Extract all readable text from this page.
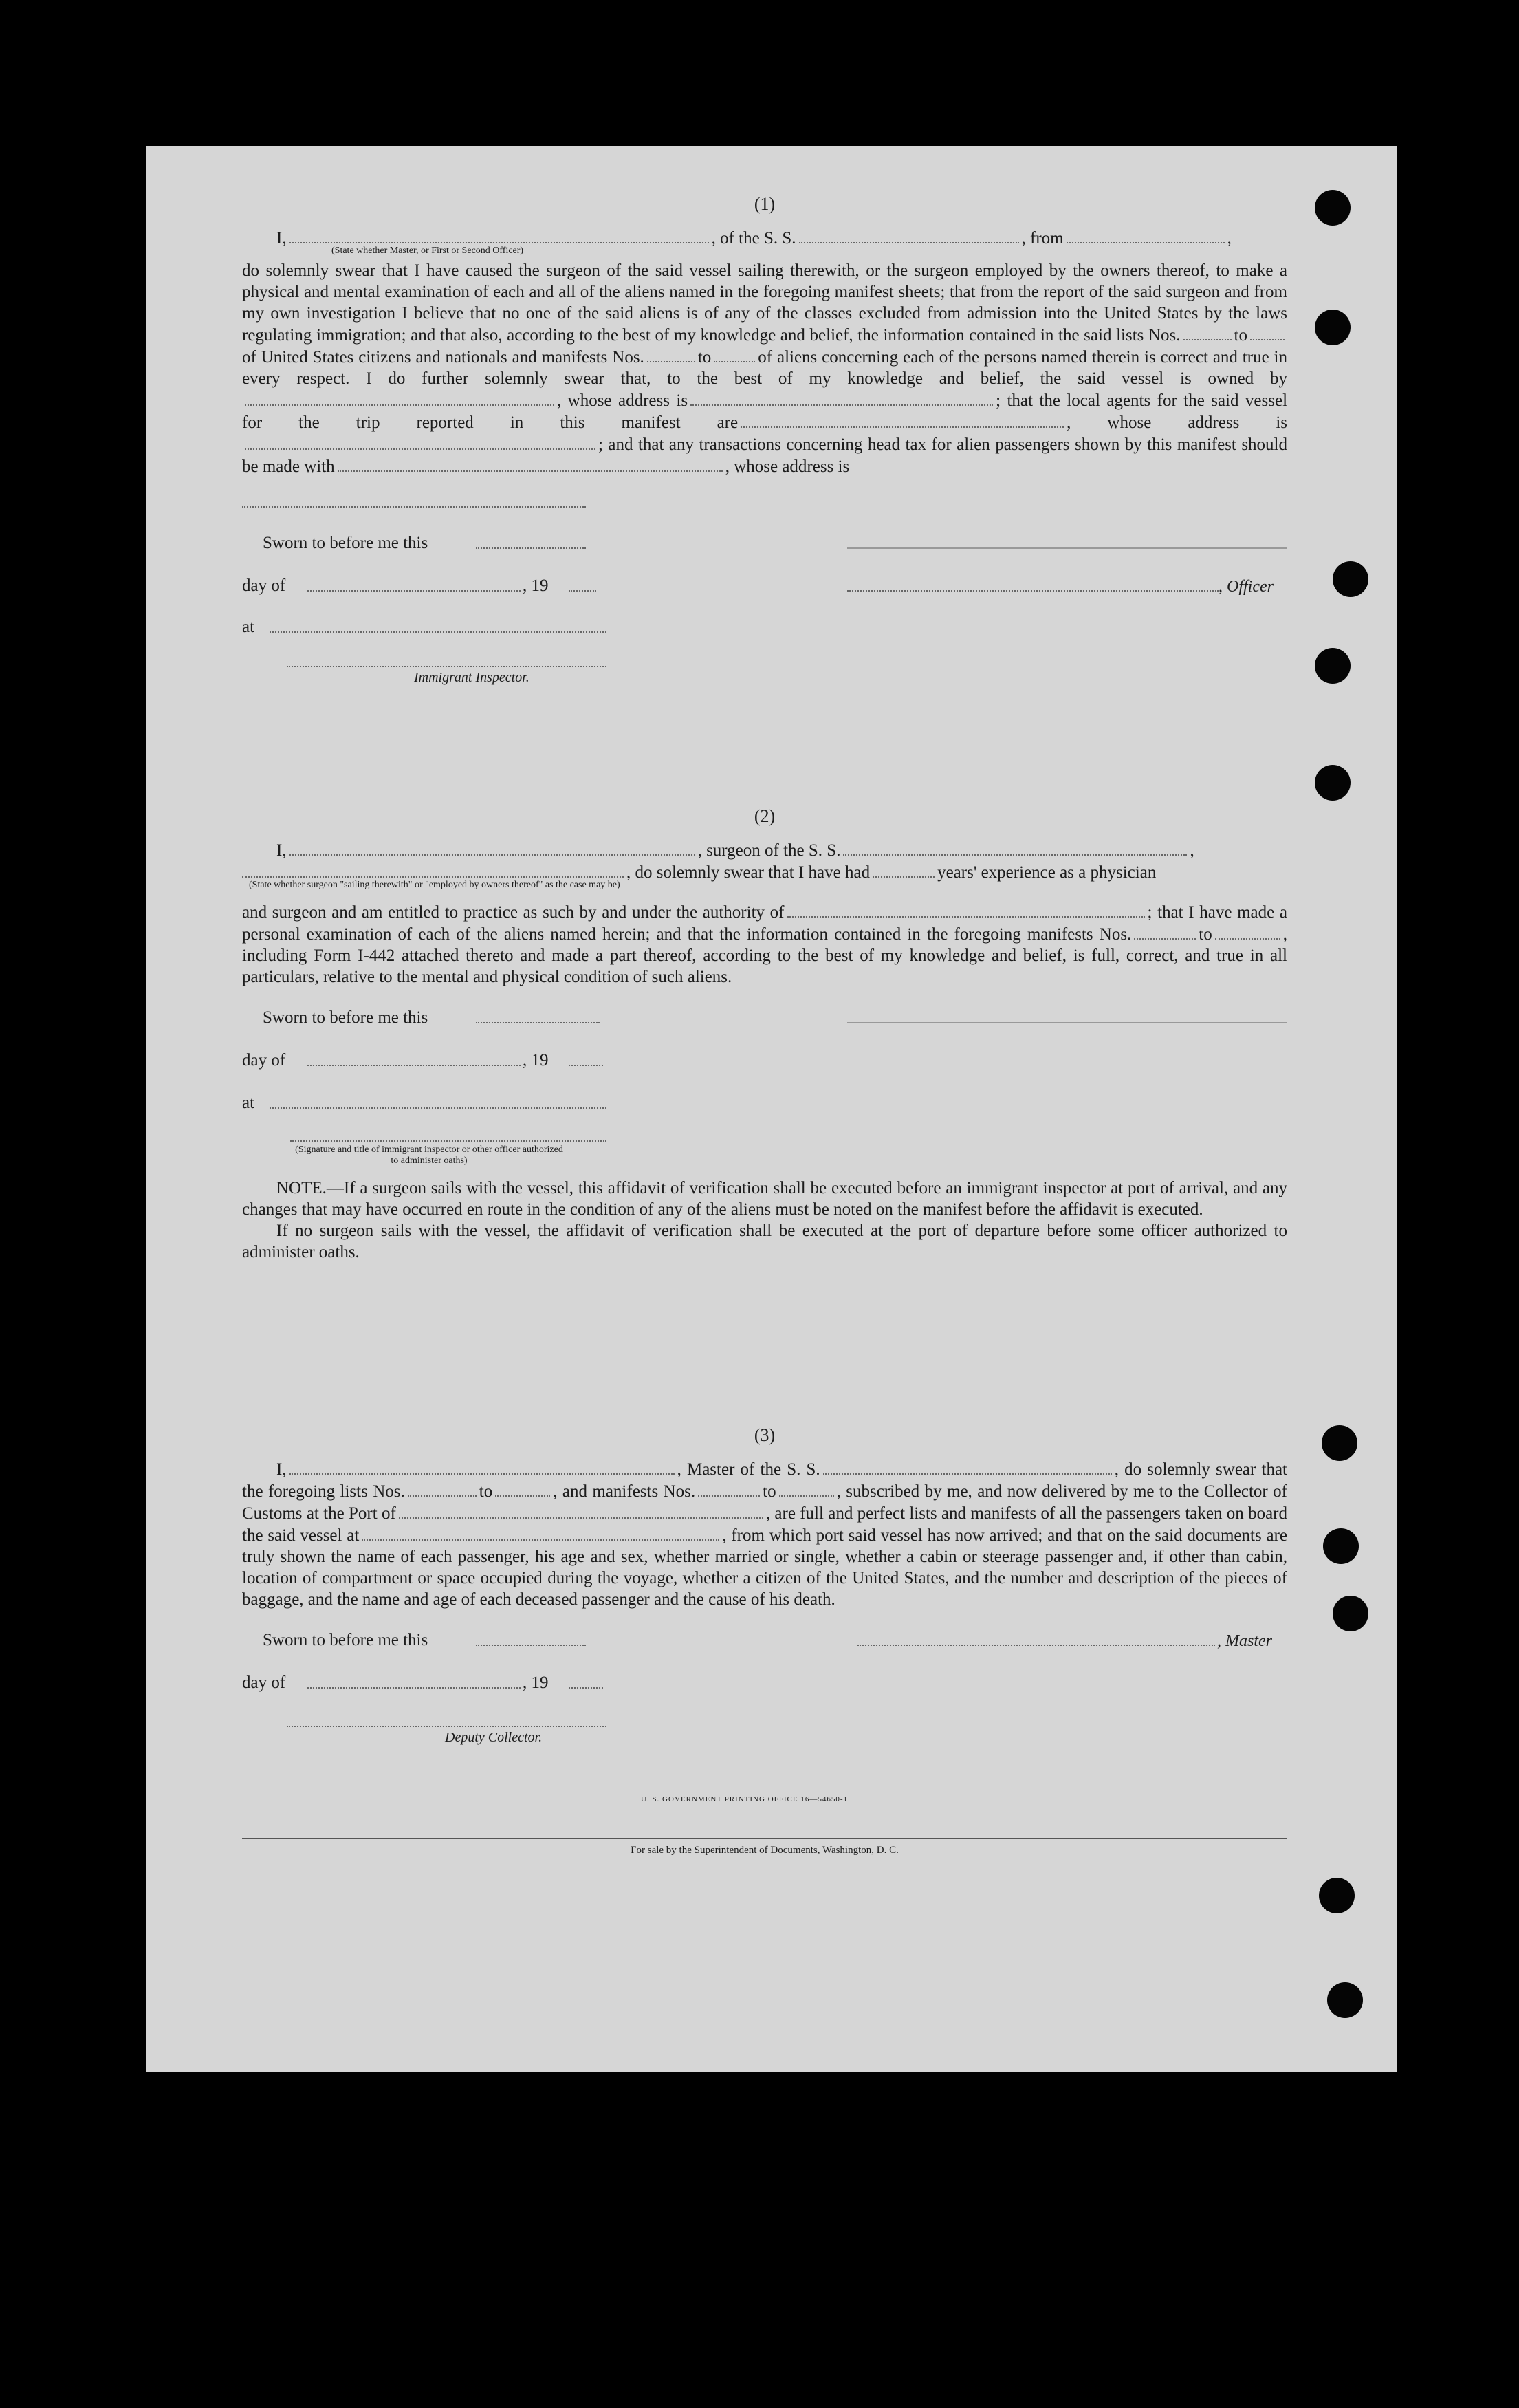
(1)
I,	, of the S. S.	, from	,
(State whether Master, or First or Second Officer)

do solemnly swear that I have caused the surgeon of the said vessel sailing therewith, or the surgeon employed by the owners thereof, to make a physical and mental examination of each and all of the aliens named in the foregoing manifest sheets; that from the report of the said surgeon and from my own investigation I believe that no one of the said aliens is of any of the classes excluded from admission into the United States by the laws regulating immigration; and that also, according to the best of my knowledge and belief, the information contained in the said lists Nos.	to of United States citizens and nationals and manifests Nos.	to	of aliens concerning each of the persons named therein is correct and true in every respect. I do further solemnly swear that, to the best of my knowledge and belief, the said vessel is owned by, whose address is	; that the local agents for the said vessel for the trip reported in this manifest are	, whose address is; and that any transactions concerning head tax for alien passengers shown by this manifest should be made with	, whose address is

Sworn to before me this
day of	, 19
at
Immigrant Inspector.
, Officer
(2)
I,	, surgeon of the S. S.	,
, do solemnly swear that I have had	years' experience as a physician
(State whether surgeon "sailing therewith" or "employed by owners thereof" as the case may be)

and surgeon and am entitled to practice as such by and under the authority of	; that I have made a personal examination of each of the aliens named herein; and that the information contained in the foregoing manifests Nos.	to	, including Form I-442 attached thereto and made a part thereof, according to the best of my knowledge and belief, is full, correct, and true in all particulars, relative to the mental and physical condition of such aliens.

Sworn to before me this
day of	, 19
at
(Signature and title of immigrant inspector or other officer authorized to administer oaths)

NOTE.—If a surgeon sails with the vessel, this affidavit of verification shall be executed before an immigrant inspector at port of arrival, and any changes that may have occurred en route in the condition of any of the aliens must be noted on the manifest before the affidavit is executed.

If no surgeon sails with the vessel, the affidavit of verification shall be executed at the port of departure before some officer authorized to administer oaths.

(3)

I,	, Master of the S. S.	, do solemnly swear that the foregoing lists Nos.	to	, and manifests Nos.	to	, subscribed by me, and now delivered by me to the Collector of Customs at the Port of	, are full and perfect lists and manifests of all the passengers taken on board the said vessel at	, from which port said vessel has now arrived; and that on the said documents are truly shown the name of each passenger, his age and sex, whether married or single, whether a cabin or steerage passenger and, if other than cabin, location of compartment or space occupied during the voyage, whether a citizen of the United States, and the number and description of the pieces of baggage, and the name and age of each deceased passenger and the cause of his death.

Sworn to before me this	, Master
day of	, 19
Deputy Collector.
U. S. GOVERNMENT PRINTING OFFICE 16—54650-1
For sale by the Superintendent of Documents, Washington, D. C.
